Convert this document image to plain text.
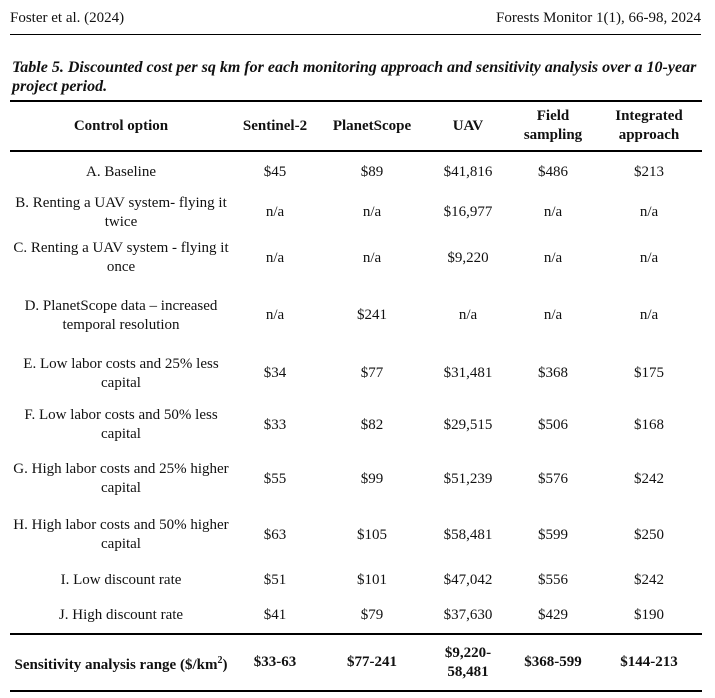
Foster et al. (2024)	Forests Monitor 1(1), 66-98, 2024
Table 5. Discounted cost per sq km for each monitoring approach and sensitivity analysis over a 10-year project period.
Control option	Sentinel-2	PlanetScope	UAV	Field sampling	Integrated approach
A. Baseline	$45	$89	$41,816	$486	$213
B. Renting a UAV system- flying it twice	n/a	n/a	$16,977	n/a	n/a
C. Renting a UAV system - flying it once	n/a	n/a	$9,220	n/a	n/a
D. PlanetScope data – increased temporal resolution	n/a	$241	n/a	n/a	n/a
E. Low labor costs and 25% less capital	$34	$77	$31,481	$368	$175
F. Low labor costs and 50% less capital	$33	$82	$29,515	$506	$168
G. High labor costs and 25% higher capital	$55	$99	$51,239	$576	$242
H. High labor costs and 50% higher capital	$63	$105	$58,481	$599	$250
I. Low discount rate	$51	$101	$47,042	$556	$242
J. High discount rate	$41	$79	$37,630	$429	$190
Sensitivity analysis range $(\$/km^2)$	$33-63	$77-241	$9,220-58,481	$368-599	$144-213
